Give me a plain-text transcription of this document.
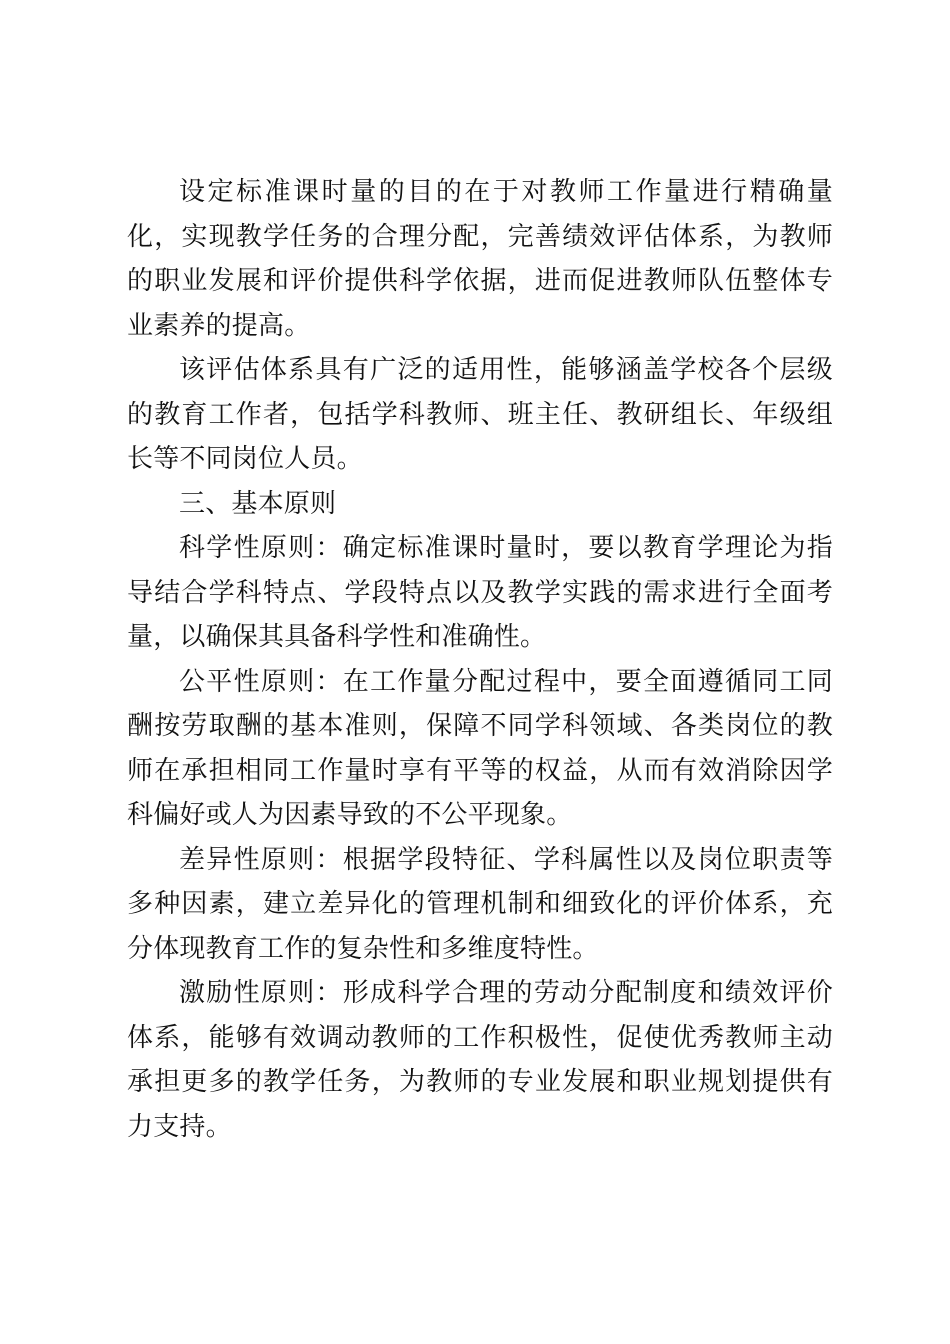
设定标准课时量的目的在于对教师工作量进行精确量化，实现教学任务的合理分配，完善绩效评估体系，为教师的职业发展和评价提供科学依据，进而促进教师队伍整体专业素养的提高。

该评估体系具有广泛的适用性，能够涵盖学校各个层级的教育工作者，包括学科教师、班主任、教研组长、年级组长等不同岗位人员。

三、基本原则

科学性原则：确定标准课时量时，要以教育学理论为指导结合学科特点、学段特点以及教学实践的需求进行全面考量，以确保其具备科学性和准确性。

公平性原则：在工作量分配过程中，要全面遵循同工同酬按劳取酬的基本准则，保障不同学科领域、各类岗位的教师在承担相同工作量时享有平等的权益，从而有效消除因学科偏好或人为因素导致的不公平现象。

差异性原则：根据学段特征、学科属性以及岗位职责等多种因素，建立差异化的管理机制和细致化的评价体系，充分体现教育工作的复杂性和多维度特性。

激励性原则：形成科学合理的劳动分配制度和绩效评价体系，能够有效调动教师的工作积极性，促使优秀教师主动承担更多的教学任务，为教师的专业发展和职业规划提供有力支持。
